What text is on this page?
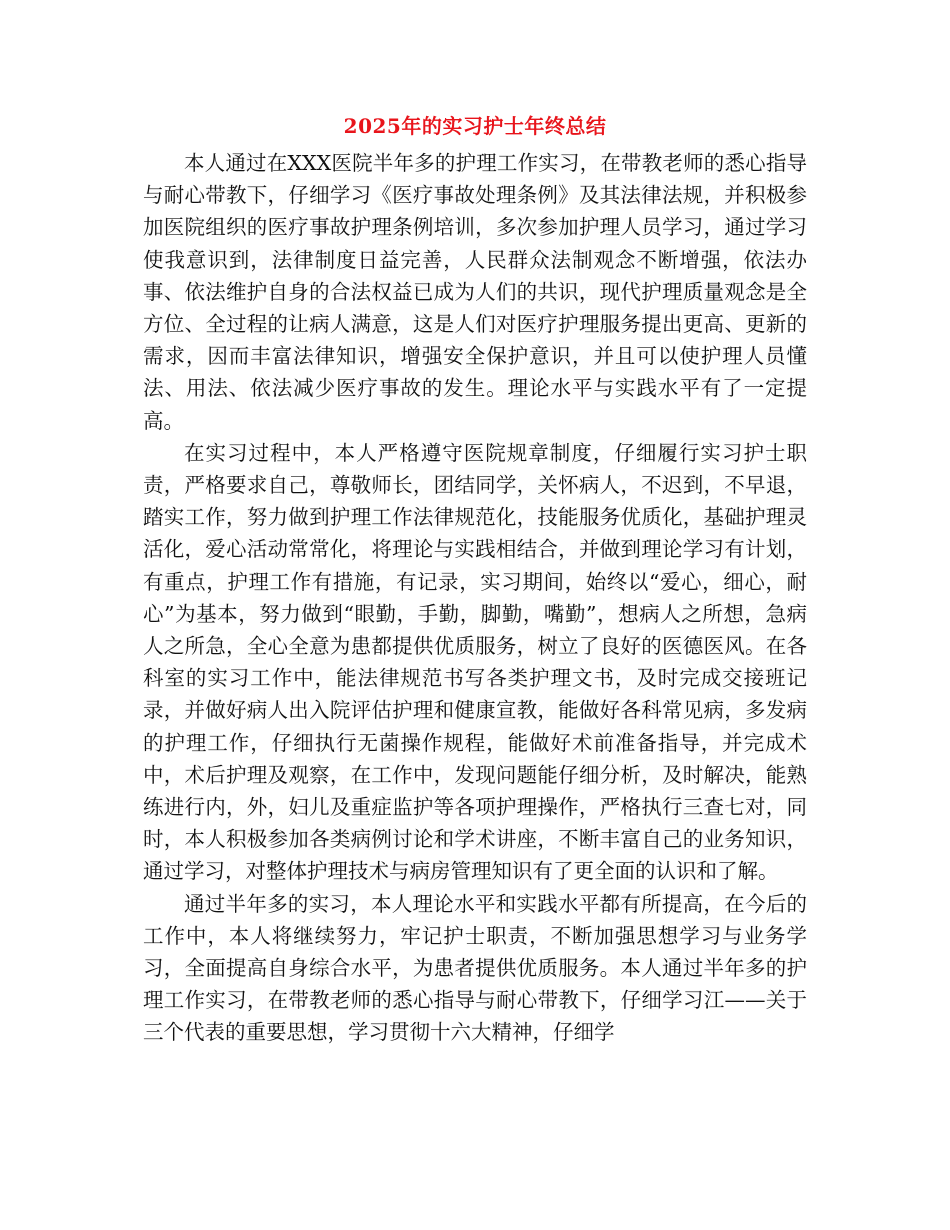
2025年的实习护士年终总结

本人通过在XXX医院半年多的护理工作实习，在带教老师的悉心指导与耐心带教下，仔细学习《医疗事故处理条例》及其法律法规，并积极参加医院组织的医疗事故护理条例培训，多次参加护理人员学习，通过学习使我意识到，法律制度日益完善，人民群众法制观念不断增强，依法办事、依法维护自身的合法权益已成为人们的共识，现代护理质量观念是全方位、全过程的让病人满意，这是人们对医疗护理服务提出更高、更新的需求，因而丰富法律知识，增强安全保护意识，并且可以使护理人员懂法、用法、依法减少医疗事故的发生。理论水平与实践水平有了一定提高。

在实习过程中，本人严格遵守医院规章制度，仔细履行实习护士职责，严格要求自己，尊敬师长，团结同学，关怀病人，不迟到，不早退，踏实工作，努力做到护理工作法律规范化，技能服务优质化，基础护理灵活化，爱心活动常常化，将理论与实践相结合，并做到理论学习有计划，有重点，护理工作有措施，有记录，实习期间，始终以“爱心，细心，耐心”为基本，努力做到“眼勤，手勤，脚勤，嘴勤”，想病人之所想，急病人之所急，全心全意为患都提供优质服务，树立了良好的医德医风。在各科室的实习工作中，能法律规范书写各类护理文书，及时完成交接班记录，并做好病人出入院评估护理和健康宣教，能做好各科常见病，多发病的护理工作，仔细执行无菌操作规程，能做好术前准备指导，并完成术中，术后护理及观察，在工作中，发现问题能仔细分析，及时解决，能熟练进行内，外，妇儿及重症监护等各项护理操作，严格执行三查七对，同时，本人积极参加各类病例讨论和学术讲座，不断丰富自己的业务知识，通过学习，对整体护理技术与病房管理知识有了更全面的认识和了解。

通过半年多的实习，本人理论水平和实践水平都有所提高，在今后的工作中，本人将继续努力，牢记护士职责，不断加强思想学习与业务学习，全面提高自身综合水平，为患者提供优质服务。本人通过半年多的护理工作实习，在带教老师的悉心指导与耐心带教下，仔细学习江——关于三个代表的重要思想，学习贯彻十六大精神，仔细学
